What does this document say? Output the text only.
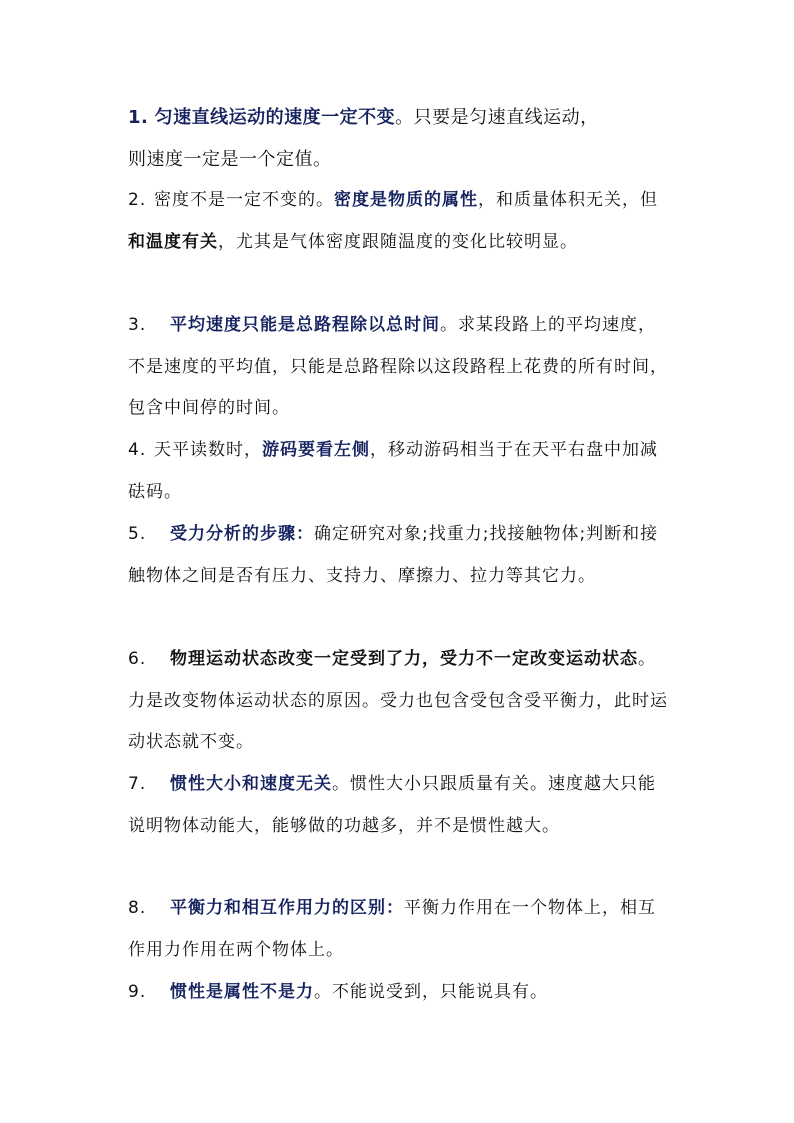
1. 匀速直线运动的速度一定不变。只要是匀速直线运动，
则速度一定是一个定值。
2. 密度不是一定不变的。密度是物质的属性，和质量体积无关，但和温度有关，尤其是气体密度跟随温度的变化比较明显。
3. 平均速度只能是总路程除以总时间。求某段路上的平均速度，不是速度的平均值，只能是总路程除以这段路程上花费的所有时间，包含中间停的时间。
4. 天平读数时，游码要看左侧，移动游码相当于在天平右盘中加减砝码。
5. 受力分析的步骤：确定研究对象;找重力;找接触物体;判断和接触物体之间是否有压力、支持力、摩擦力、拉力等其它力。
6. 物理运动状态改变一定受到了力，受力不一定改变运动状态。力是改变物体运动状态的原因。受力也包含受包含受平衡力，此时运动状态就不变。
7. 惯性大小和速度无关。惯性大小只跟质量有关。速度越大只能说明物体动能大，能够做的功越多，并不是惯性越大。
8. 平衡力和相互作用力的区别：平衡力作用在一个物体上，相互作用力作用在两个物体上。
9. 惯性是属性不是力。不能说受到，只能说具有。
